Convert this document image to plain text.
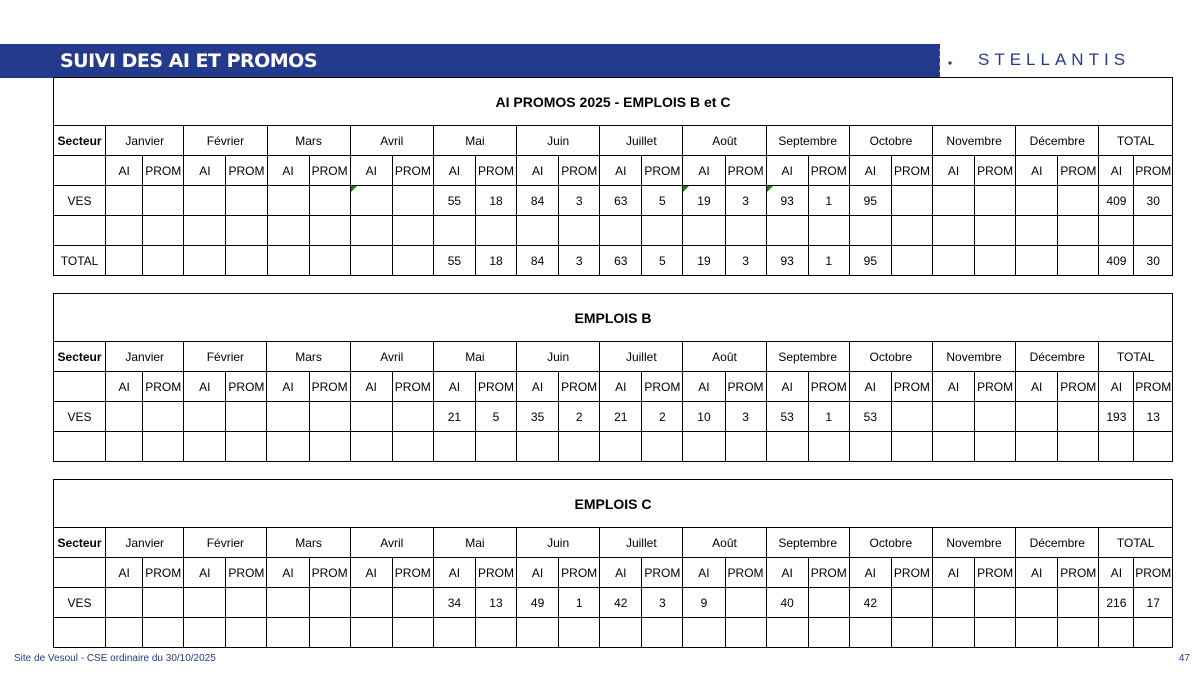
SUIVI DES AI ET PROMOS	STELLANTIS
AI PROMOS 2025 - EMPLOIS B et C																										
Secteur	Janvier		Février		Mars		Avril		Mai		Juin		Juillet		Août		Septembre		Octobre		Novembre		Décembre		TOTAL	
	AI	PROM	AI	PROM	AI	PROM	AI	PROM	AI	PROM	AI	PROM	AI	PROM	AI	PROM	AI	PROM	AI	PROM	AI	PROM	AI	PROM	AI	PROM
VES									55	18	84	3	63	5	19	3	93	1	95						409	30

TOTAL									55	18	84	3	63	5	19	3	93	1	95						409	30
EMPLOIS B																										
Secteur	Janvier		Février		Mars		Avril		Mai		Juin		Juillet		Août		Septembre		Octobre		Novembre		Décembre		TOTAL	
	AI	PROM	AI	PROM	AI	PROM	AI	PROM	AI	PROM	AI	PROM	AI	PROM	AI	PROM	AI	PROM	AI	PROM	AI	PROM	AI	PROM	AI	PROM
VES									21	5	35	2	21	2	10	3	53	1	53						193	13

EMPLOIS C																										
Secteur	Janvier		Février		Mars		Avril		Mai		Juin		Juillet		Août		Septembre		Octobre		Novembre		Décembre		TOTAL	
	AI	PROM	AI	PROM	AI	PROM	AI	PROM	AI	PROM	AI	PROM	AI	PROM	AI	PROM	AI	PROM	AI	PROM	AI	PROM	AI	PROM	AI	PROM
VES									34	13	49	1	42	3	9		40		42						216	17

Site de Vesoul - CSE ordinaire du 30/10/2025	47
